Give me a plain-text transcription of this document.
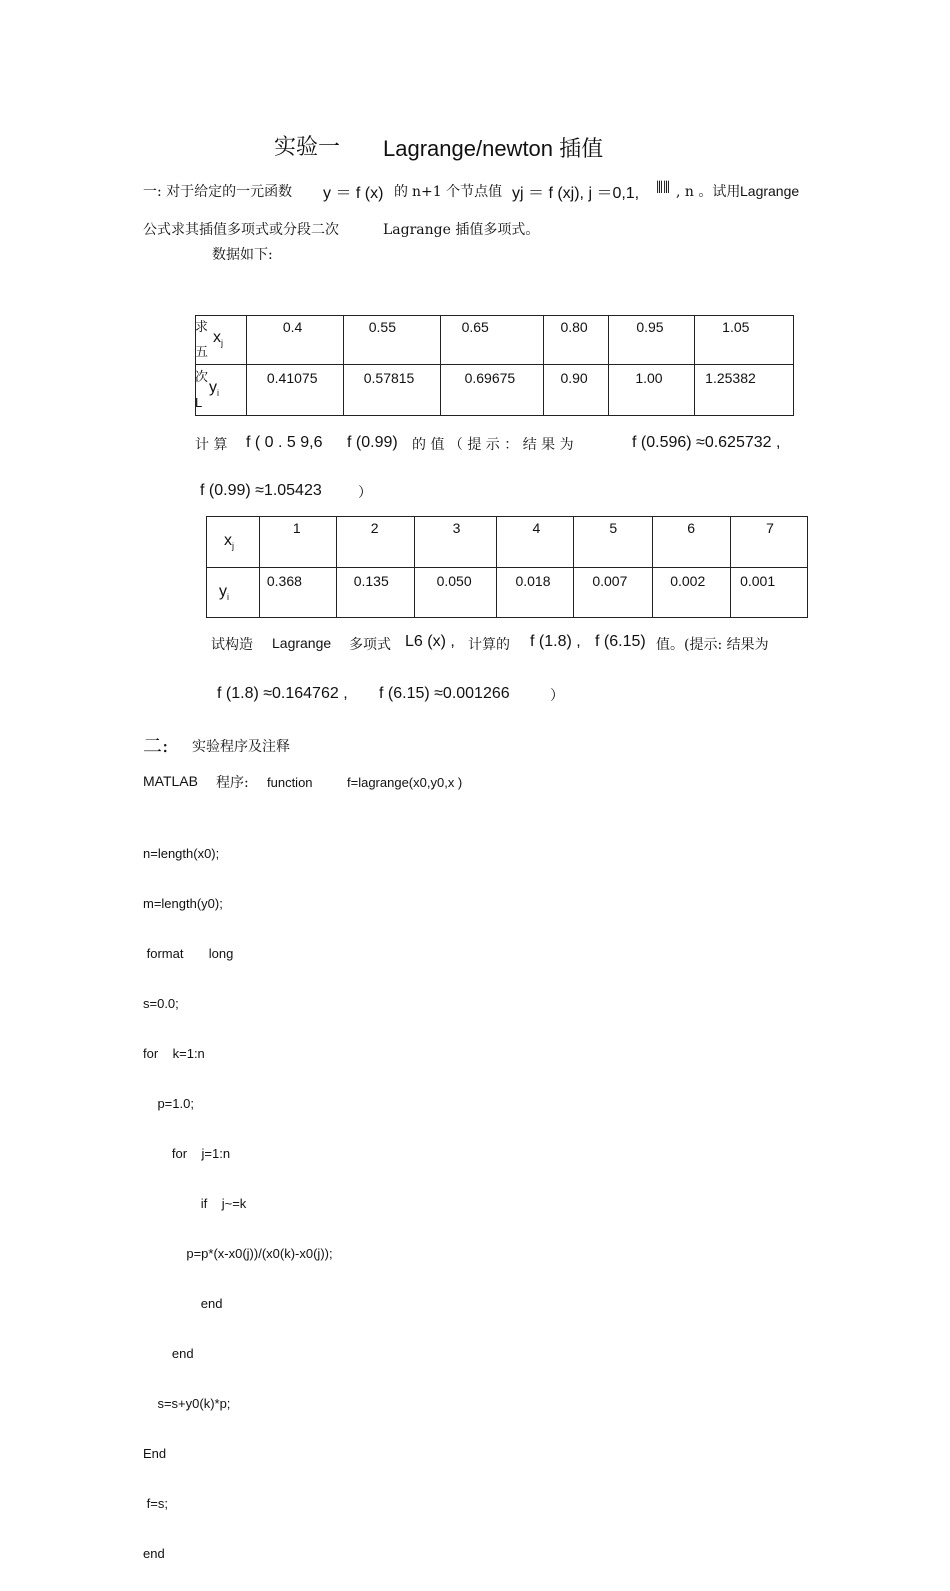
实验一 Lagrange/newton 插值
一: 对于给定的一元函数 y ＝ f (x) 的 n+1 个节点值 yj ＝ f (xj), j ＝0,1, ⦀⦀ , n 。试用 Lagrange
公式求其插值多项式或分段二次	Lagrange 插值多项式。
数据如下:
求
五
次
L
$x_j$	0.4	0.55	0.65	0.80	0.95	1.05
$y_i$	0.41075	0.57815	0.69675	0.90	1.00	1.25382
计 算 f ( 0 . 5 9,6 f (0.99) 的 值 （ 提 示 ： 结 果 为	f (0.596) ≈0.625732 ,
f (0.99) ≈1.05423	）
$x_j$	1	2	3	4	5	6	7
$y_i$	0.368	0.135	0.050	0.018	0.007	0.002	0.001
试构造 Lagrange 多项式 L6 (x) , 计算的 f (1.8) , f (6.15) 值。(提示: 结果为
f (1.8) ≈0.164762 , f (6.15) ≈0.001266	）
二: 实验程序及注释
MATLAB 程序: function	f=lagrange(x0,y0,x )

n=length(x0);

m=length(y0);

format       long

s=0.0;

for    k=1:n

p=1.0;

for    j=1:n

if    j~=k

p=p*(x-x0(j))/(x0(k)-x0(j));

end

end

s=s+y0(k)*p;

End

f=s;

end
